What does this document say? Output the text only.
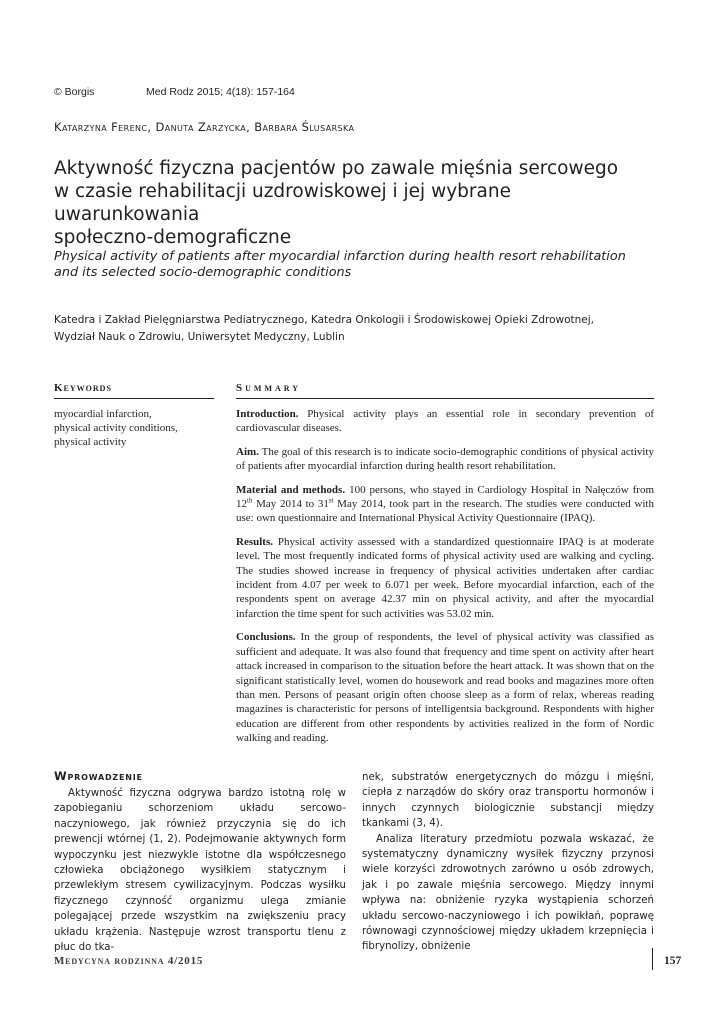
© Borgis	Med Rodz 2015; 4(18): 157-164
Katarzyna Ferenc, Danuta Zarzycka, Barbara Ślusarska
Aktywność fizyczna pacjentów po zawale mięśnia sercowego
w czasie rehabilitacji uzdrowiskowej i jej wybrane uwarunkowania
społeczno-demograficzne
Physical activity of patients after myocardial infarction during health resort rehabilitation
and its selected socio-demographic conditions
Katedra i Zakład Pielęgniarstwa Pediatrycznego, Katedra Onkologii i Środowiskowej Opieki Zdrowotnej,
Wydział Nauk o Zdrowiu, Uniwersytet Medyczny, Lublin
Keywords	Summary
myocardial infarction,
physical activity conditions,
physical activity

Introduction. Physical activity plays an essential role in secondary prevention of cardiovascular diseases.

Aim. The goal of this research is to indicate socio-demographic conditions of physical activity of patients after myocardial infarction during health resort rehabilitation.

Material and methods. 100 persons, who stayed in Cardiology Hospital in Nałęczów from 12th May 2014 to 31st May 2014, took part in the research. The studies were conducted with use: own questionnaire and International Physical Activity Questionnaire (IPAQ).

Results. Physical activity assessed with a standardized questionnaire IPAQ is at moderate level. The most frequently indicated forms of physical activity used are walking and cycling. The studies showed increase in frequency of physical activities undertaken after cardiac incident from 4.07 per week to 6.071 per week. Before myocardial infarction, each of the respondents spent on average 42.37 min on physical activity, and after the myocardial infarction the time spent for such activities was 53.02 min.

Conclusions. In the group of respondents, the level of physical activity was classified as sufficient and adequate. It was also found that frequency and time spent on activity after heart attack increased in comparison to the situation before the heart attack. It was shown that on the significant statistically level, women do housework and read books and magazines more often than men. Persons of peasant origin often choose sleep as a form of relax, whereas reading magazines is characteristic for persons of intelligentsia background. Respondents with higher education are different from other respondents by activities realized in the form of Nordic walking and reading.

Wprowadzenie

Aktywność fizyczna odgrywa bardzo istotną rolę w zapobieganiu schorzeniom układu sercowo-naczyniowego, jak również przyczynia się do ich prewencji wtórnej (1, 2). Podejmowanie aktywnych form wypoczynku jest niezwykle istotne dla współczesnego człowieka obciążonego wysiłkiem statycznym i przewlekłym stresem cywilizacyjnym. Podczas wysiłku fizycznego czynność organizmu ulega zmianie polegającej przede wszystkim na zwiększeniu pracy układu krążenia. Następuje wzrost transportu tlenu z płuc do tka-

nek, substratów energetycznych do mózgu i mięśni, ciepła z narządów do skóry oraz transportu hormonów i innych czynnych biologicznie substancji między tkankami (3, 4).

Analiza literatury przedmiotu pozwala wskazać, że systematyczny dynamiczny wysiłek fizyczny przynosi wiele korzyści zdrowotnych zarówno u osób zdrowych, jak i po zawale mięśnia sercowego. Między innymi wpływa na: obniżenie ryzyka wystąpienia schorzeń układu sercowo-naczyniowego i ich powikłań, poprawę równowagi czynnościowej między układem krzepnięcia i fibrynolizy, obniżenie

Medycyna rodzinna 4/2015	157
